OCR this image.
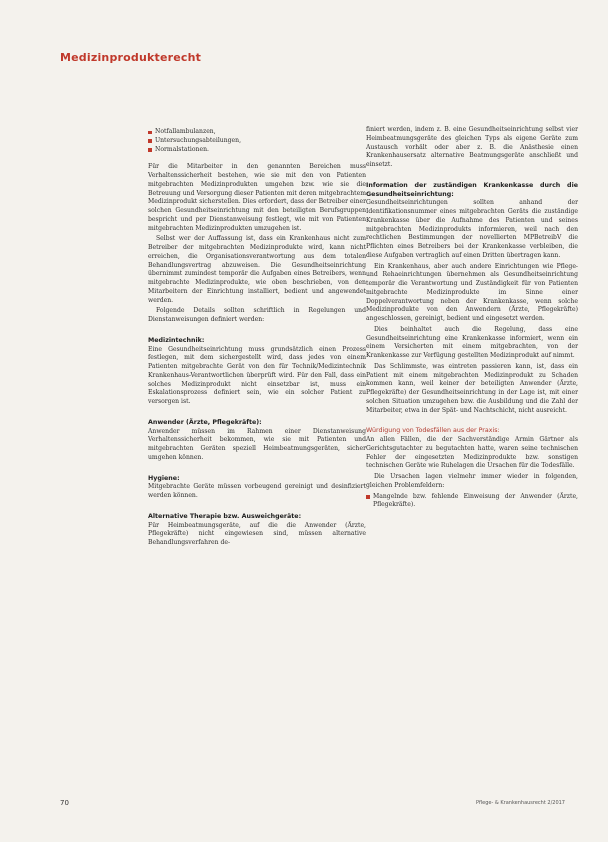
Medizinprodukterecht
Notfallambulanzen,
Untersuchungsabteilungen,
Normalstationen.

Für die Mitarbeiter in den genannten Bereichen muss Verhaltenssicherheit bestehen, wie sie mit den von Patienten mitgebrachten Medizinprodukten umgehen bzw. wie sie die Betreuung und Versorgung dieser Patienten mit deren mitgebrachtem Medizinprodukt sicherstellen. Dies erfordert, dass der Betreiber einer solchen Gesundheitseinrichtung mit den beteiligten Berufsgruppen bespricht und per Dienstanweisung festlegt, wie mit von Patienten mitgebrachten Medizinprodukten umzugehen ist.

Selbst wer der Auffassung ist, dass ein Krankenhaus nicht zum Betreiber der mitgebrachten Medizinprodukte wird, kann nicht erreichen, die Organisationsverantwortung aus dem totalen Behandlungsvertrag abzuweisen. Die Gesundheitseinrichtung übernimmt zumindest temporär die Aufgaben eines Betreibers, wenn mitgebrachte Medizinprodukte, wie oben beschrieben, von den Mitarbeitern der Einrichtung installiert, bedient und angewendet werden.

Folgende Details sollten schriftlich in Regelungen und Dienstanweisungen definiert werden:

Medizintechnik:

Eine Gesundheitseinrichtung muss grundsätzlich einen Prozess festlegen, mit dem sichergestellt wird, dass jedes von einem Patienten mitgebrachte Gerät von den für Technik/Medizintechnik Krankenhaus-Verantwortlichen überprüft wird. Für den Fall, dass ein solches Medizinprodukt nicht einsetzbar ist, muss ein Eskalationsprozess definiert sein, wie ein solcher Patient zu versorgen ist.

Anwender (Ärzte, Pflegekräfte):

Anwender müssen im Rahmen einer Dienstanweisung Verhaltenssicherheit bekommen, wie sie mit Patienten und mitgebrachten Geräten speziell Heimbeatmungsgeräten, sicher umgehen können.

Hygiene:

Mitgebrachte Geräte müssen vorbeugend gereinigt und desinfiziert werden können.

Alternative Therapie bzw. Ausweichgeräte:

Für Heimbeatmungsgeräte, auf die die Anwender (Ärzte, Pflegekräfte) nicht eingewiesen sind, müssen alternative Behandlungsverfahren de-

finiert werden, indem z. B. eine Gesundheitseinrichtung selbst vier Heimbeatmungsgeräte des gleichen Typs als eigene Geräte zum Austausch vorhält oder aber z. B. die Anästhesie einen Krankenhausersatz alternative Beatmungsgeräte anschließt und einsetzt.

Information der zuständigen Krankenkasse durch die Gesundheitseinrichtung:

Gesundheitseinrichtungen sollten anhand der Identifikationsnummer eines mitgebrachten Geräts die zuständige Krankenkasse über die Aufnahme des Patienten und seines mitgebrachten Medizinprodukts informieren, weil nach den rechtlichen Bestimmungen der novellierten MPBetreibV die Pflichten eines Betreibers bei der Krankenkasse verbleiben, die diese Aufgaben vertraglich auf einen Dritten übertragen kann.

Ein Krankenhaus, aber auch andere Einrichtungen wie Pflege- und Rehaeinrichtungen übernehmen als Gesundheitseinrichtung temporär die Verantwortung und Zuständigkeit für von Patienten mitgebrachte Medizinprodukte im Sinne einer Doppelverantwortung neben der Krankenkasse, wenn solche Medizinprodukte von den Anwendern (Ärzte, Pflegekräfte) angeschlossen, gereinigt, bedient und eingesetzt werden.

Dies beinhaltet auch die Regelung, dass eine Gesundheitseinrichtung eine Krankenkasse informiert, wenn ein einem Versicherten mit einem mitgebrachten, von der Krankenkasse zur Verfügung gestellten Medizinprodukt auf nimmt.

Das Schlimmste, was eintreten passieren kann, ist, dass ein Patient mit einem mitgebrachten Medizinprodukt zu Schaden kommen kann, weil keiner der beteiligten Anwender (Ärzte, Pflegekräfte) der Gesundheitseinrichtung in der Lage ist, mit einer solchen Situation umzugehen bzw. die Ausbildung und die Zahl der Mitarbeiter, etwa in der Spät- und Nachtschicht, nicht ausreicht.

Würdigung von Todesfällen aus der Praxis:

An allen Fällen, die der Sachverständige Armin Gärtner als Gerichtsgutachter zu begutachten hatte, waren seine technischen Fehler der eingesetzten Medizinprodukte bzw. sonstigen technischen Geräte wie Ruhelagen die Ursachen für die Todesfälle.

Die Ursachen lagen vielmehr immer wieder in folgenden, gleichen Problemfeldern:

Mangelnde bzw. fehlende Einweisung der Anwender (Ärzte, Pflegekräfte).
70	Pflege- & Krankenhausrecht 2/2017
